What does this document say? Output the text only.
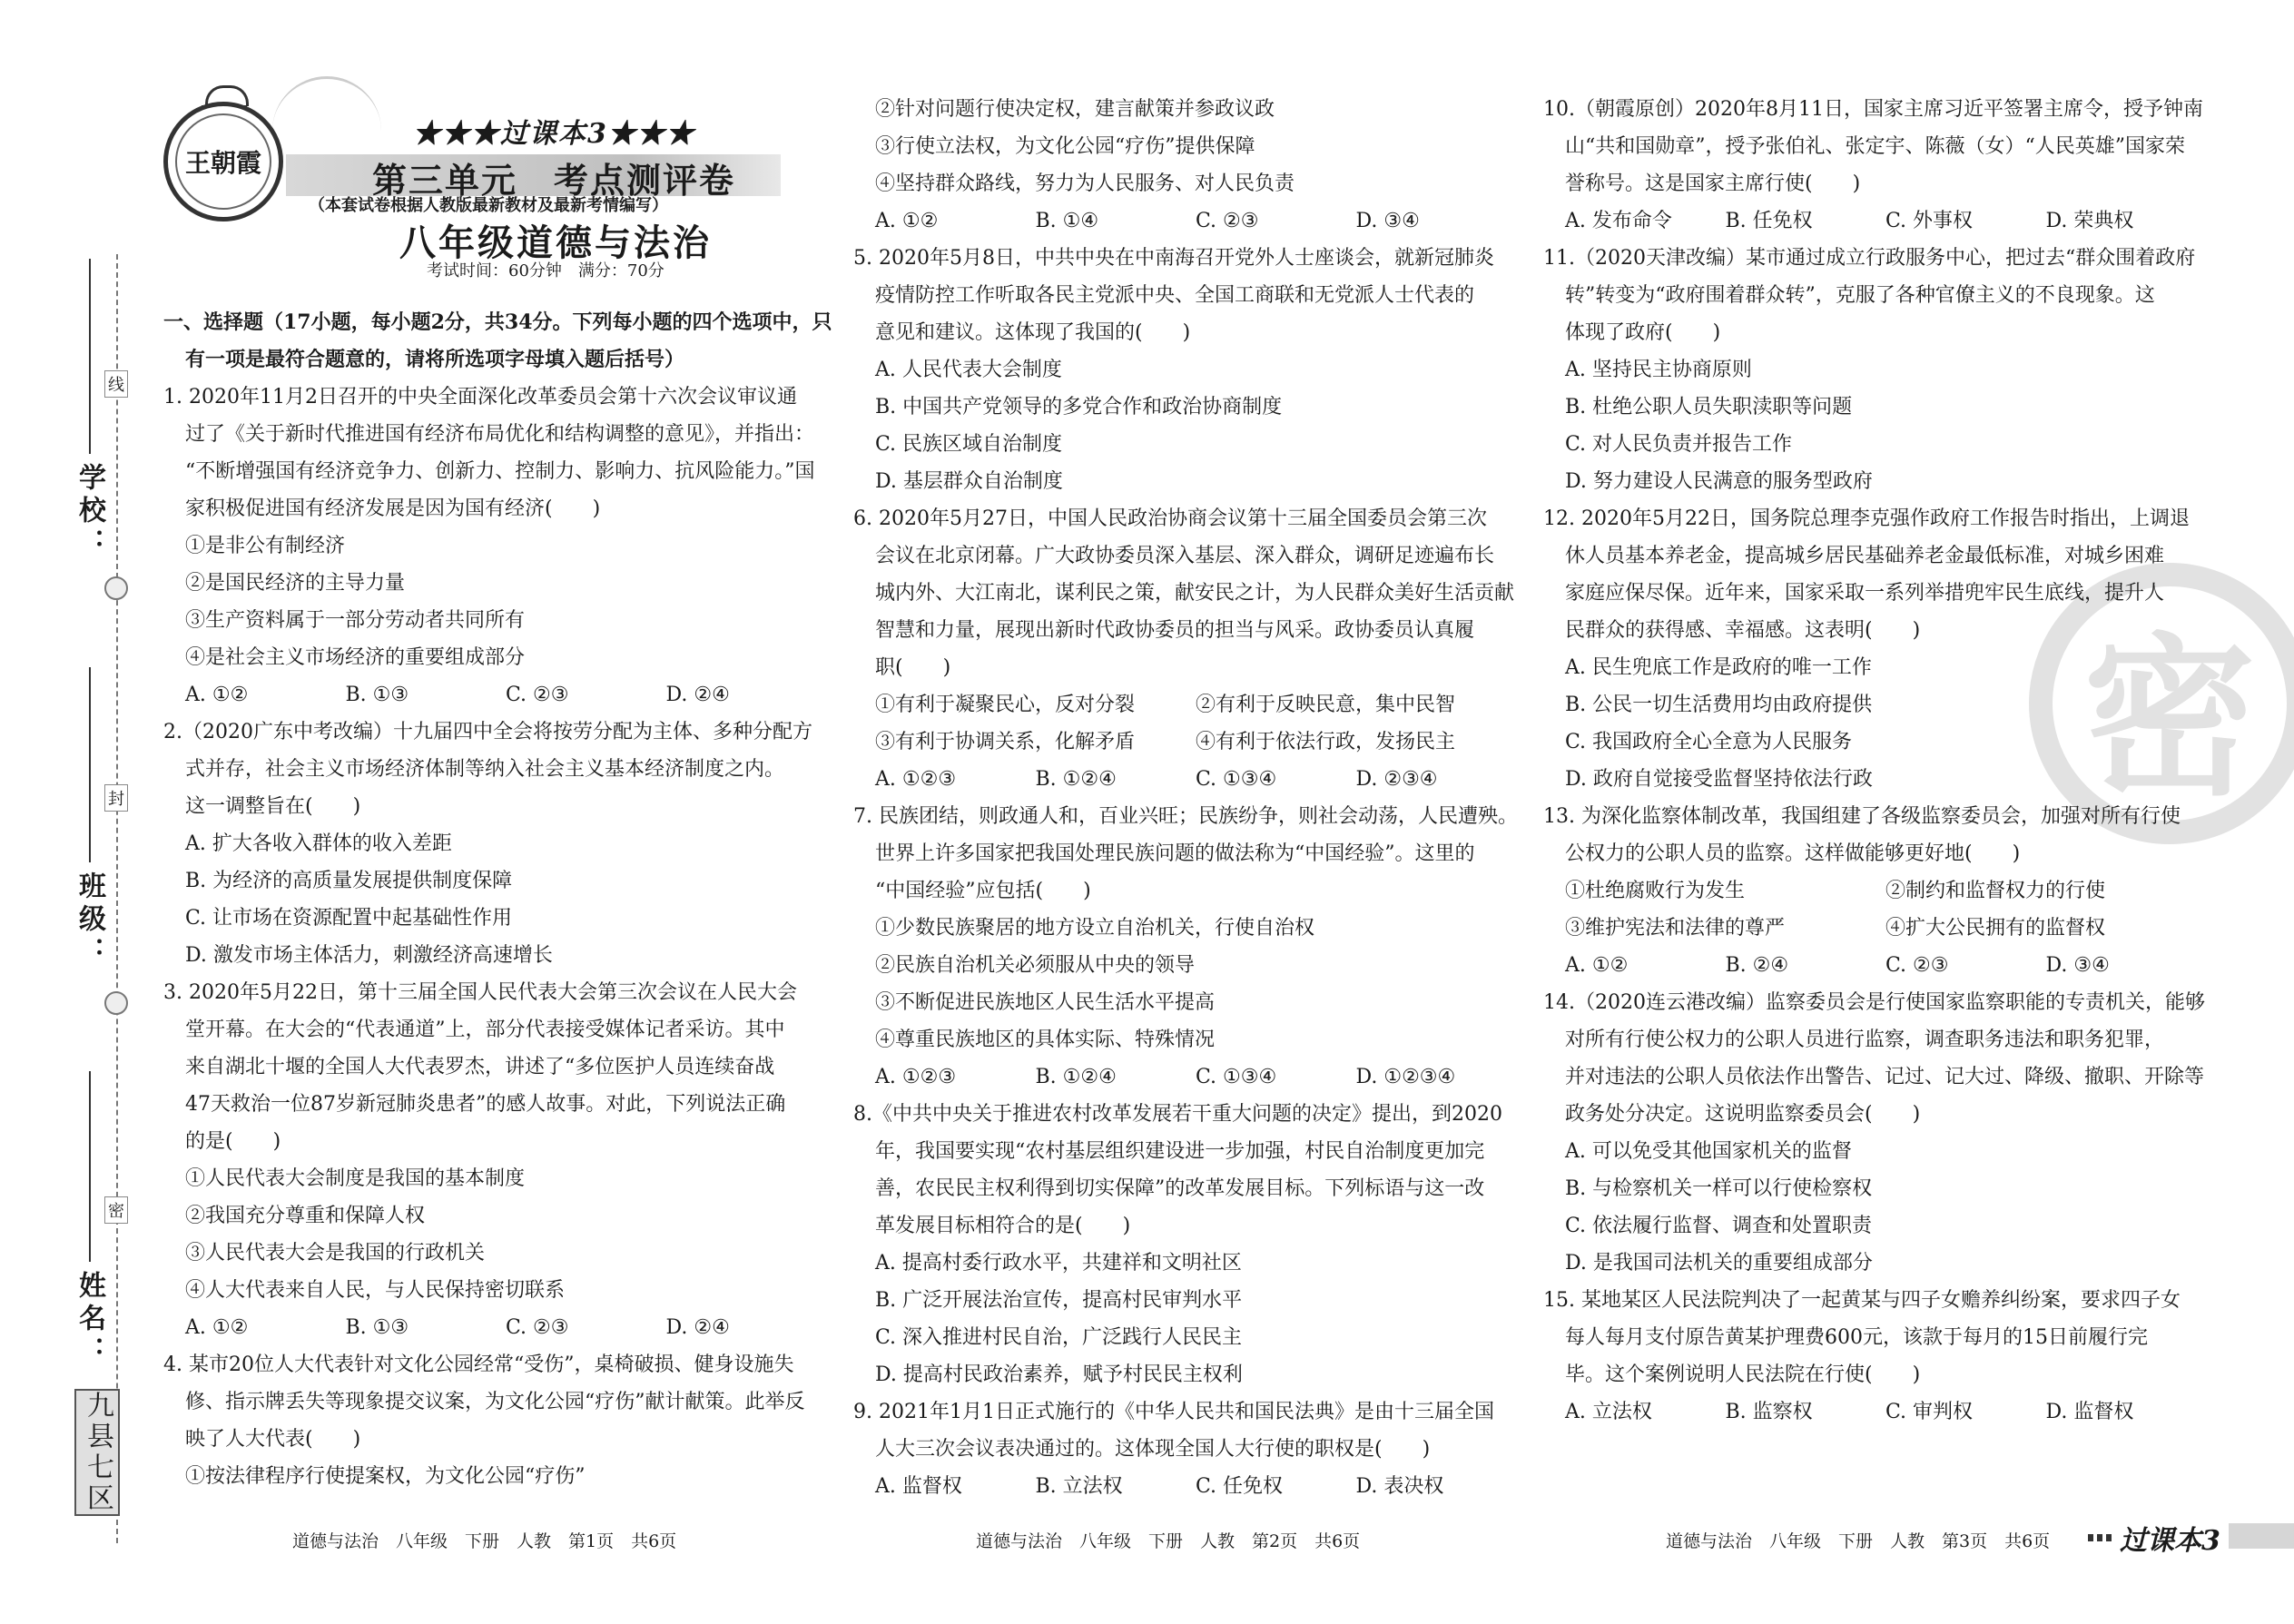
密
线
封
密
学校：
班级：
姓名：
九县七区
王朝霞
★★★过课本3★★★
第三单元　考点测评卷
（本套试卷根据人教版最新教材及最新考情编写）
八年级道德与法治
考试时间：60分钟　满分：70分
一、选择题（17小题，每小题2分，共34分。下列每小题的四个选项中，只
有一项是最符合题意的，请将所选项字母填入题后括号）
1. 2020年11月2日召开的中央全面深化改革委员会第十六次会议审议通
过了《关于新时代推进国有经济布局优化和结构调整的意见》，并指出：
“不断增强国有经济竞争力、创新力、控制力、影响力、抗风险能力。”国
家积极促进国有经济发展是因为国有经济(　　)
①是非公有制经济
②是国民经济的主导力量
③生产资料属于一部分劳动者共同所有
④是社会主义市场经济的重要组成部分
A. ①②	B. ①③	C. ②③	D. ②④
2.（2020广东中考改编）十九届四中全会将按劳分配为主体、多种分配方
式并存，社会主义市场经济体制等纳入社会主义基本经济制度之内。
这一调整旨在(　　)
A. 扩大各收入群体的收入差距
B. 为经济的高质量发展提供制度保障
C. 让市场在资源配置中起基础性作用
D. 激发市场主体活力，刺激经济高速增长
3. 2020年5月22日，第十三届全国人民代表大会第三次会议在人民大会
堂开幕。在大会的“代表通道”上，部分代表接受媒体记者采访。其中
来自湖北十堰的全国人大代表罗杰，讲述了“多位医护人员连续奋战
47天救治一位87岁新冠肺炎患者”的感人故事。对此，下列说法正确
的是(　　)
①人民代表大会制度是我国的基本制度
②我国充分尊重和保障人权
③人民代表大会是我国的行政机关
④人大代表来自人民，与人民保持密切联系
A. ①②	B. ①③	C. ②③	D. ②④
4. 某市20位人大代表针对文化公园经常“受伤”，桌椅破损、健身设施失
修、指示牌丢失等现象提交议案，为文化公园“疗伤”献计献策。此举反
映了人大代表(　　)
①按法律程序行使提案权，为文化公园“疗伤”
②针对问题行使决定权，建言献策并参政议政
③行使立法权，为文化公园“疗伤”提供保障
④坚持群众路线，努力为人民服务、对人民负责
A. ①②	B. ①④	C. ②③	D. ③④
5. 2020年5月8日，中共中央在中南海召开党外人士座谈会，就新冠肺炎
疫情防控工作听取各民主党派中央、全国工商联和无党派人士代表的
意见和建议。这体现了我国的(　　)
A. 人民代表大会制度
B. 中国共产党领导的多党合作和政治协商制度
C. 民族区域自治制度
D. 基层群众自治制度
6. 2020年5月27日，中国人民政治协商会议第十三届全国委员会第三次
会议在北京闭幕。广大政协委员深入基层、深入群众，调研足迹遍布长
城内外、大江南北，谋利民之策，献安民之计，为人民群众美好生活贡献
智慧和力量，展现出新时代政协委员的担当与风采。政协委员认真履
职(　　)
①有利于凝聚民心，反对分裂	②有利于反映民意，集中民智
③有利于协调关系，化解矛盾	④有利于依法行政，发扬民主
A. ①②③	B. ①②④	C. ①③④	D. ②③④
7. 民族团结，则政通人和，百业兴旺；民族纷争，则社会动荡，人民遭殃。
世界上许多国家把我国处理民族问题的做法称为“中国经验”。这里的
“中国经验”应包括(　　)
①少数民族聚居的地方设立自治机关，行使自治权
②民族自治机关必须服从中央的领导
③不断促进民族地区人民生活水平提高
④尊重民族地区的具体实际、特殊情况
A. ①②③	B. ①②④	C. ①③④	D. ①②③④
8.《中共中央关于推进农村改革发展若干重大问题的决定》提出，到2020
年，我国要实现“农村基层组织建设进一步加强，村民自治制度更加完
善，农民民主权利得到切实保障”的改革发展目标。下列标语与这一改
革发展目标相符合的是(　　)
A. 提高村委行政水平，共建祥和文明社区
B. 广泛开展法治宣传，提高村民审判水平
C. 深入推进村民自治，广泛践行人民民主
D. 提高村民政治素养，赋予村民民主权利
9. 2021年1月1日正式施行的《中华人民共和国民法典》是由十三届全国
人大三次会议表决通过的。这体现全国人大行使的职权是(　　)
A. 监督权	B. 立法权	C. 任免权	D. 表决权
10.（朝霞原创）2020年8月11日，国家主席习近平签署主席令，授予钟南
山“共和国勋章”，授予张伯礼、张定宇、陈薇（女）“人民英雄”国家荣
誉称号。这是国家主席行使(　　)
A. 发布命令	B. 任免权	C. 外事权	D. 荣典权
11.（2020天津改编）某市通过成立行政服务中心，把过去“群众围着政府
转”转变为“政府围着群众转”，克服了各种官僚主义的不良现象。这
体现了政府(　　)
A. 坚持民主协商原则
B. 杜绝公职人员失职渎职等问题
C. 对人民负责并报告工作
D. 努力建设人民满意的服务型政府
12. 2020年5月22日，国务院总理李克强作政府工作报告时指出，上调退
休人员基本养老金，提高城乡居民基础养老金最低标准，对城乡困难
家庭应保尽保。近年来，国家采取一系列举措兜牢民生底线，提升人
民群众的获得感、幸福感。这表明(　　)
A. 民生兜底工作是政府的唯一工作
B. 公民一切生活费用均由政府提供
C. 我国政府全心全意为人民服务
D. 政府自觉接受监督坚持依法行政
13. 为深化监察体制改革，我国组建了各级监察委员会，加强对所有行使
公权力的公职人员的监察。这样做能够更好地(　　)
①杜绝腐败行为发生	②制约和监督权力的行使
③维护宪法和法律的尊严	④扩大公民拥有的监督权
A. ①②	B. ②④	C. ②③	D. ③④
14.（2020连云港改编）监察委员会是行使国家监察职能的专责机关，能够
对所有行使公权力的公职人员进行监察，调查职务违法和职务犯罪，
并对违法的公职人员依法作出警告、记过、记大过、降级、撤职、开除等
政务处分决定。这说明监察委员会(　　)
A. 可以免受其他国家机关的监督
B. 与检察机关一样可以行使检察权
C. 依法履行监督、调查和处置职责
D. 是我国司法机关的重要组成部分
15. 某地某区人民法院判决了一起黄某与四子女赡养纠纷案，要求四子女
每人每月支付原告黄某护理费600元，该款于每月的15日前履行完
毕。这个案例说明人民法院在行使(　　)
A. 立法权	B. 监察权	C. 审判权	D. 监督权
道德与法治　八年级　下册　人教　第1页　共6页	道德与法治　八年级　下册　人教　第2页　共6页	道德与法治　八年级　下册　人教　第3页　共6页	过课本3
